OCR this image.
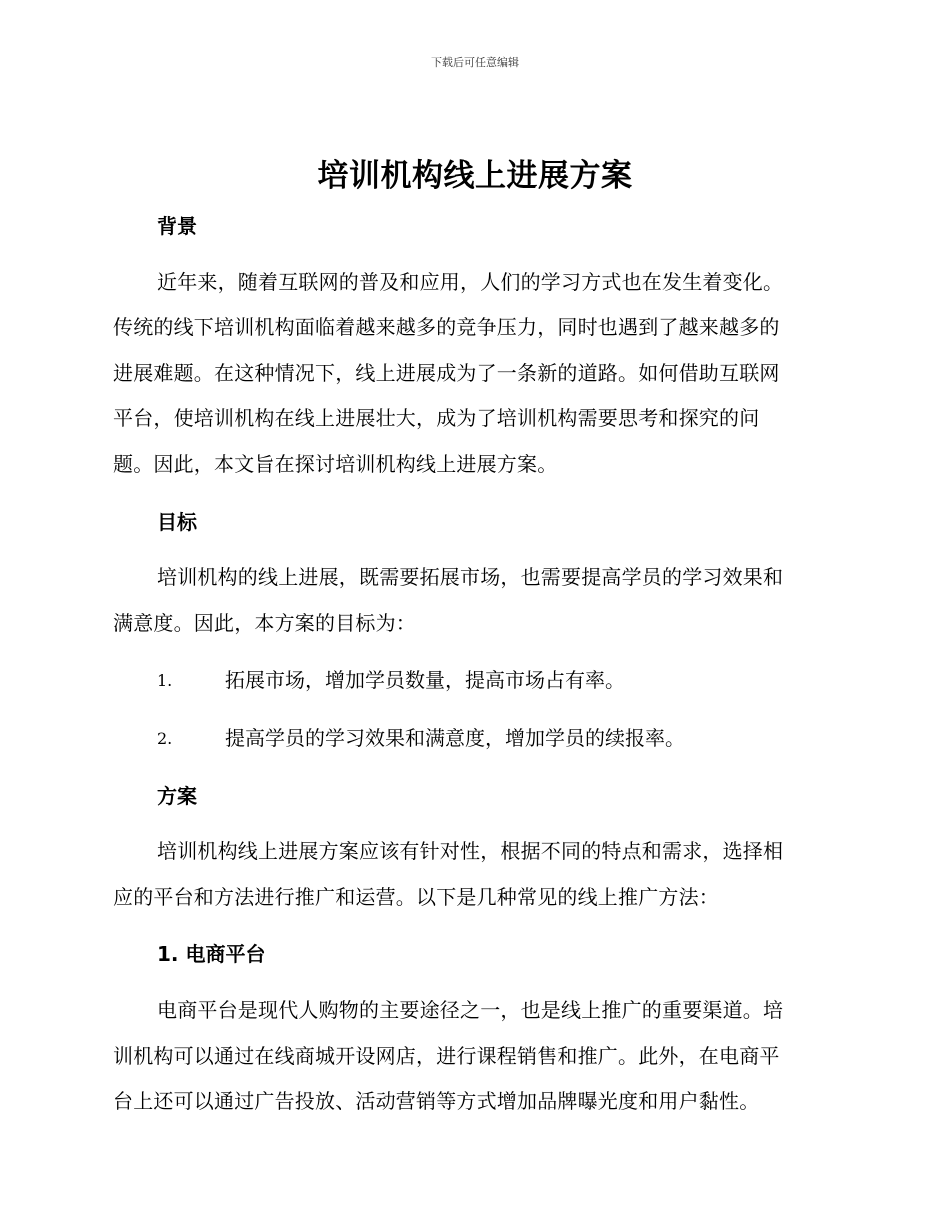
下载后可任意编辑
培训机构线上进展方案

背景

近年来，随着互联网的普及和应用，人们的学习方式也在发生着变化。
传统的线下培训机构面临着越来越多的竞争压力，同时也遇到了越来越多的
进展难题。在这种情况下，线上进展成为了一条新的道路。如何借助互联网
平台，使培训机构在线上进展壮大，成为了培训机构需要思考和探究的问
题。因此，本文旨在探讨培训机构线上进展方案。

目标

培训机构的线上进展，既需要拓展市场，也需要提高学员的学习效果和
满意度。因此，本方案的目标为：

1.	拓展市场，增加学员数量，提高市场占有率。
2.	提高学员的学习效果和满意度，增加学员的续报率。

方案

培训机构线上进展方案应该有针对性，根据不同的特点和需求，选择相
应的平台和方法进行推广和运营。以下是几种常见的线上推广方法：

1. 电商平台

电商平台是现代人购物的主要途径之一，也是线上推广的重要渠道。培
训机构可以通过在线商城开设网店，进行课程销售和推广。此外，在电商平
台上还可以通过广告投放、活动营销等方式增加品牌曝光度和用户黏性。
